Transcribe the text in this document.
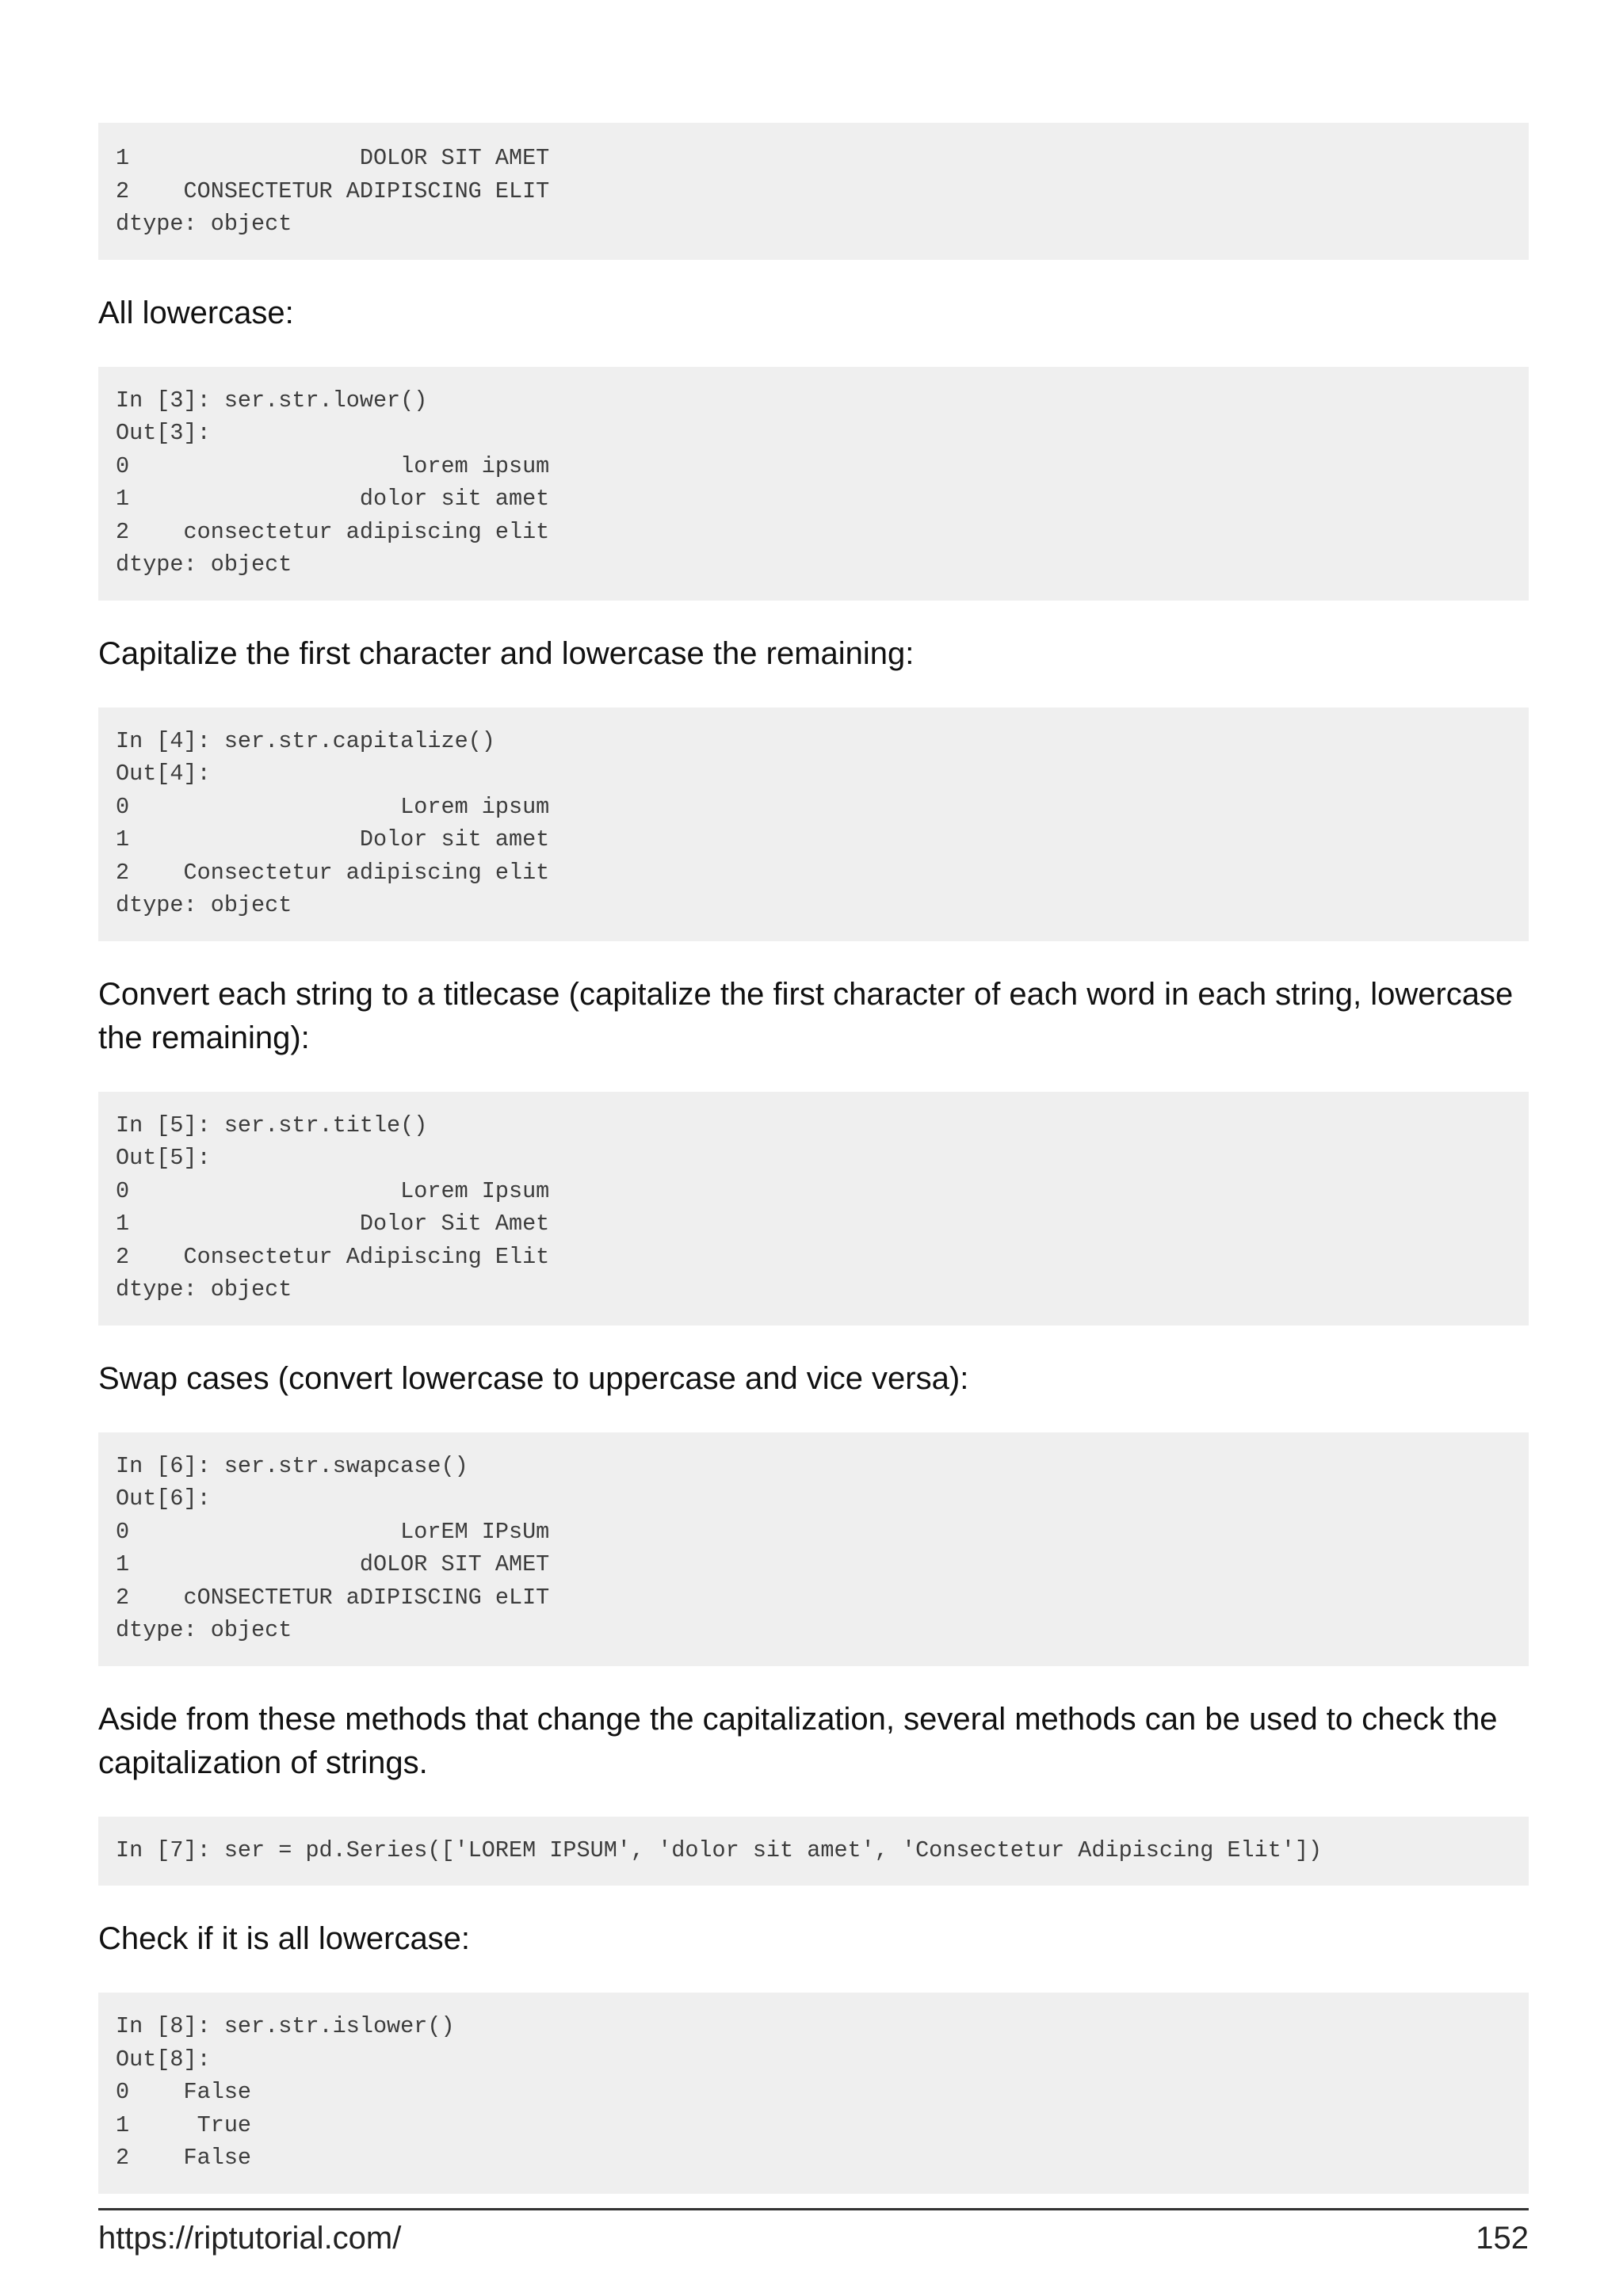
1                 DOLOR SIT AMET
2    CONSECTETUR ADIPISCING ELIT
dtype: object

All lowercase:

In [3]: ser.str.lower()
Out[3]:
0                    lorem ipsum
1                 dolor sit amet
2    consectetur adipiscing elit
dtype: object

Capitalize the first character and lowercase the remaining:

In [4]: ser.str.capitalize()
Out[4]:
0                    Lorem ipsum
1                 Dolor sit amet
2    Consectetur adipiscing elit
dtype: object

Convert each string to a titlecase (capitalize the first character of each word in each string, lowercase the remaining):

In [5]: ser.str.title()
Out[5]:
0                    Lorem Ipsum
1                 Dolor Sit Amet
2    Consectetur Adipiscing Elit
dtype: object

Swap cases (convert lowercase to uppercase and vice versa):

In [6]: ser.str.swapcase()
Out[6]:
0                    LorEM IPsUm
1                 dOLOR SIT AMET
2    cONSECTETUR aDIPISCING eLIT
dtype: object

Aside from these methods that change the capitalization, several methods can be used to check the capitalization of strings.

In [7]: ser = pd.Series(['LOREM IPSUM', 'dolor sit amet', 'Consectetur Adipiscing Elit'])

Check if it is all lowercase:

In [8]: ser.str.islower()
Out[8]:
0    False
1     True
2    False
https://riptutorial.com/	152
